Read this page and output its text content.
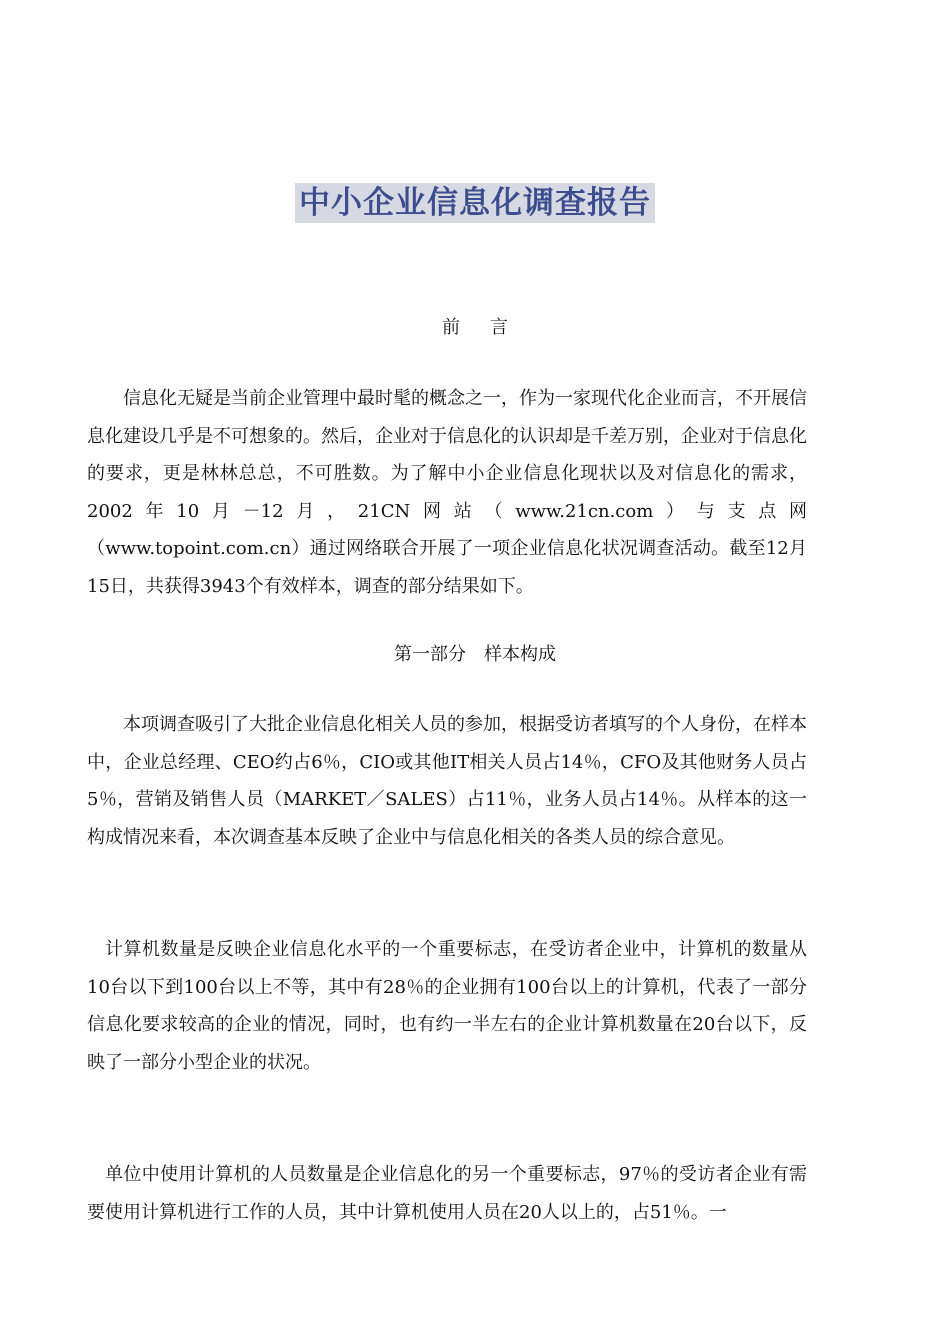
中小企业信息化调查报告
前言

信息化无疑是当前企业管理中最时髦的概念之一，作为一家现代化企业而言，不开展信息化建设几乎是不可想象的。然后，企业对于信息化的认识却是千差万别，企业对于信息化的要求，更是林林总总，不可胜数。为了解中小企业信息化现状以及对信息化的需求，2002年10月－12月，21CN网站（www.21cn.com）与支点网（www.topoint.com.cn）通过网络联合开展了一项企业信息化状况调查活动。截至12月15日，共获得3943个有效样本，调查的部分结果如下。

第一部分　样本构成

本项调查吸引了大批企业信息化相关人员的参加，根据受访者填写的个人身份，在样本中，企业总经理、CEO约占6％，CIO或其他IT相关人员占14％，CFO及其他财务人员占5％，营销及销售人员（MARKET／SALES）占11％，业务人员占14％。从样本的这一构成情况来看，本次调查基本反映了企业中与信息化相关的各类人员的综合意见。

计算机数量是反映企业信息化水平的一个重要标志，在受访者企业中，计算机的数量从10台以下到100台以上不等，其中有28％的企业拥有100台以上的计算机，代表了一部分信息化要求较高的企业的情况，同时，也有约一半左右的企业计算机数量在20台以下，反映了一部分小型企业的状况。

单位中使用计算机的人员数量是企业信息化的另一个重要标志，97％的受访者企业有需要使用计算机进行工作的人员，其中计算机使用人员在20人以上的，占51％。一
